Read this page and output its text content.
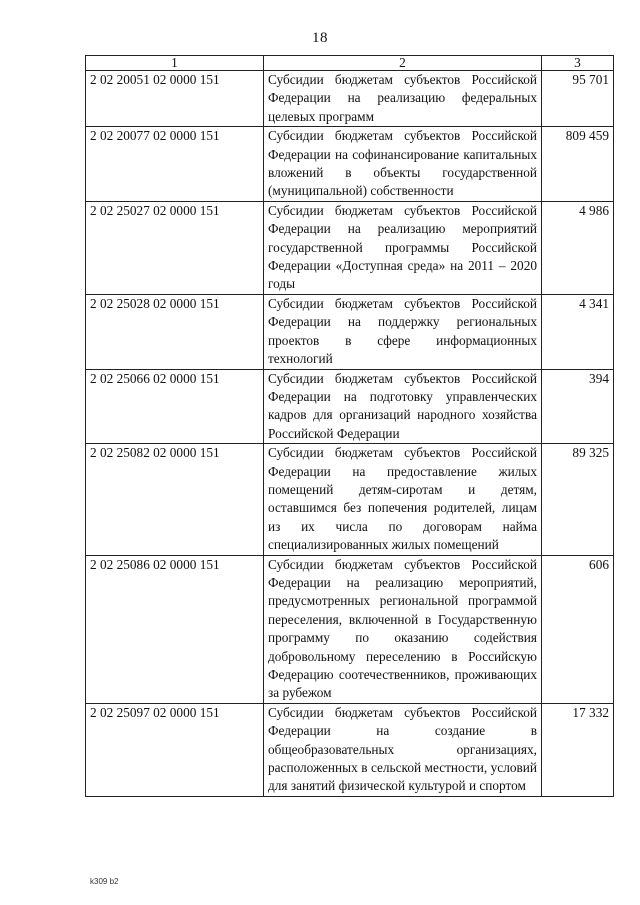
18
1	2	3
2 02 20051 02 0000 151	Субсидии бюджетам субъектов Российской Федерации на реализацию федеральных целевых программ	95 701
2 02 20077 02 0000 151	Субсидии бюджетам субъектов Российской Федерации на софинансирование капитальных вложений в объекты государственной (муниципальной) собственности	809 459
2 02 25027 02 0000 151	Субсидии бюджетам субъектов Российской Федерации на реализацию мероприятий государственной программы Российской Федерации «Доступная среда» на 2011 – 2020 годы	4 986
2 02 25028 02 0000 151	Субсидии бюджетам субъектов Российской Федерации на поддержку региональных проектов в сфере информационных технологий	4 341
2 02 25066 02 0000 151	Субсидии бюджетам субъектов Российской Федерации на подготовку управленческих кадров для организаций народного хозяйства Российской Федерации	394
2 02 25082 02 0000 151	Субсидии бюджетам субъектов Российской Федерации на предоставление жилых помещений детям-сиротам и детям, оставшимся без попечения родителей, лицам из их числа по договорам найма специализированных жилых помещений	89 325
2 02 25086 02 0000 151	Субсидии бюджетам субъектов Российской Федерации на реализацию мероприятий, предусмотренных региональной программой переселения, включенной в Государственную программу по оказанию содействия добровольному переселению в Российскую Федерацию соотечественников, проживающих за рубежом	606
2 02 25097 02 0000 151	Субсидии бюджетам субъектов Российской Федерации на создание в общеобразовательных организациях, расположенных в сельской местности, условий для занятий физической культурой и спортом	17 332
k309 b2
